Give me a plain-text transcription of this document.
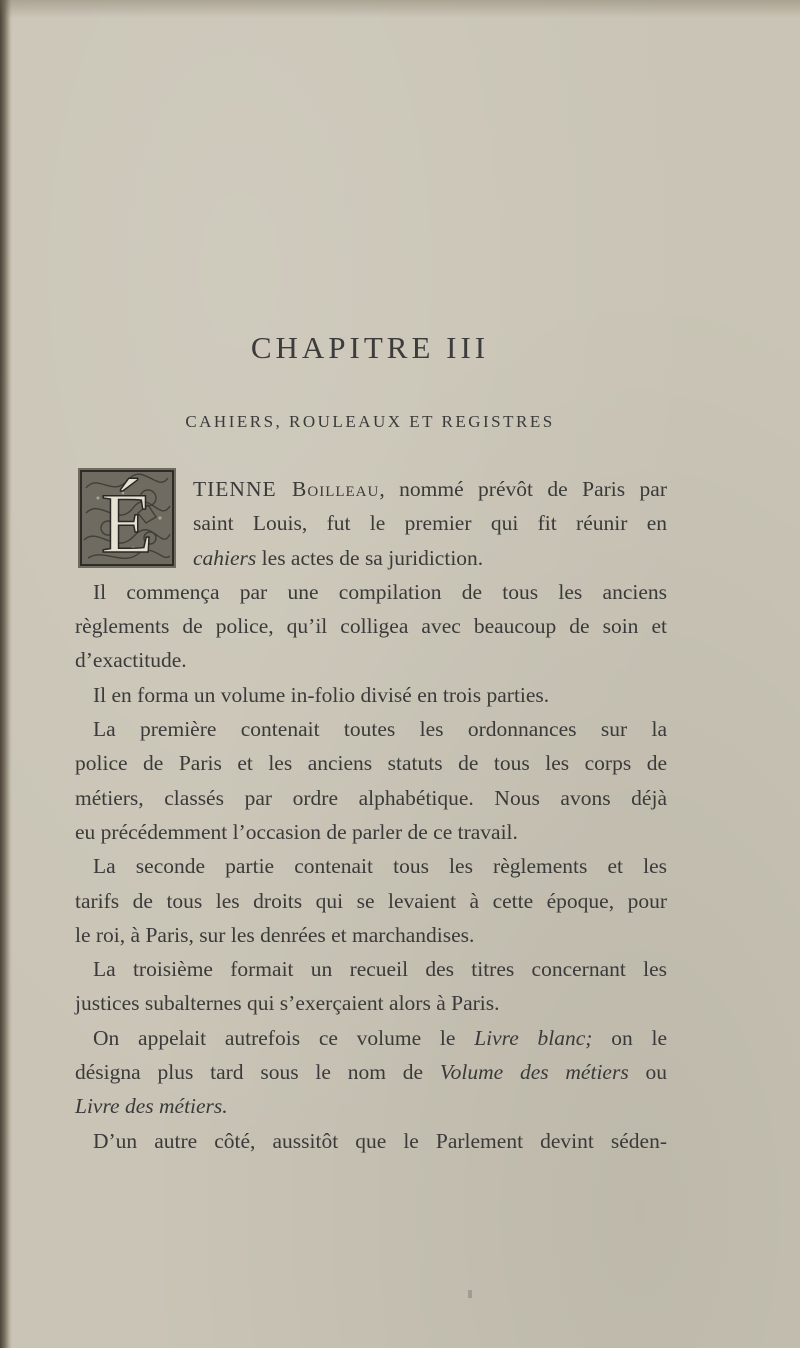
CHAPITRE III
CAHIERS, ROULEAUX ET REGISTRES
É	TIENNE Boilleau, nommé prévôt de Paris par
saint Louis, fut le premier qui fit réunir en
cahiers les actes de sa juridiction.
Il commença par une compilation de tous les anciens
règlements de police, qu’il colligea avec beaucoup de soin et
d’exactitude.
Il en forma un volume in-folio divisé en trois parties.
La première contenait toutes les ordonnances sur la
police de Paris et les anciens statuts de tous les corps de
métiers, classés par ordre alphabétique. Nous avons déjà
eu précédemment l’occasion de parler de ce travail.
La seconde partie contenait tous les règlements et les
tarifs de tous les droits qui se levaient à cette époque, pour
le roi, à Paris, sur les denrées et marchandises.
La troisième formait un recueil des titres concernant les
justices subalternes qui s’exerçaient alors à Paris.
On appelait autrefois ce volume le Livre blanc; on le
désigna plus tard sous le nom de Volume des métiers ou
Livre des métiers.
D’un autre côté, aussitôt que le Parlement devint séden-
